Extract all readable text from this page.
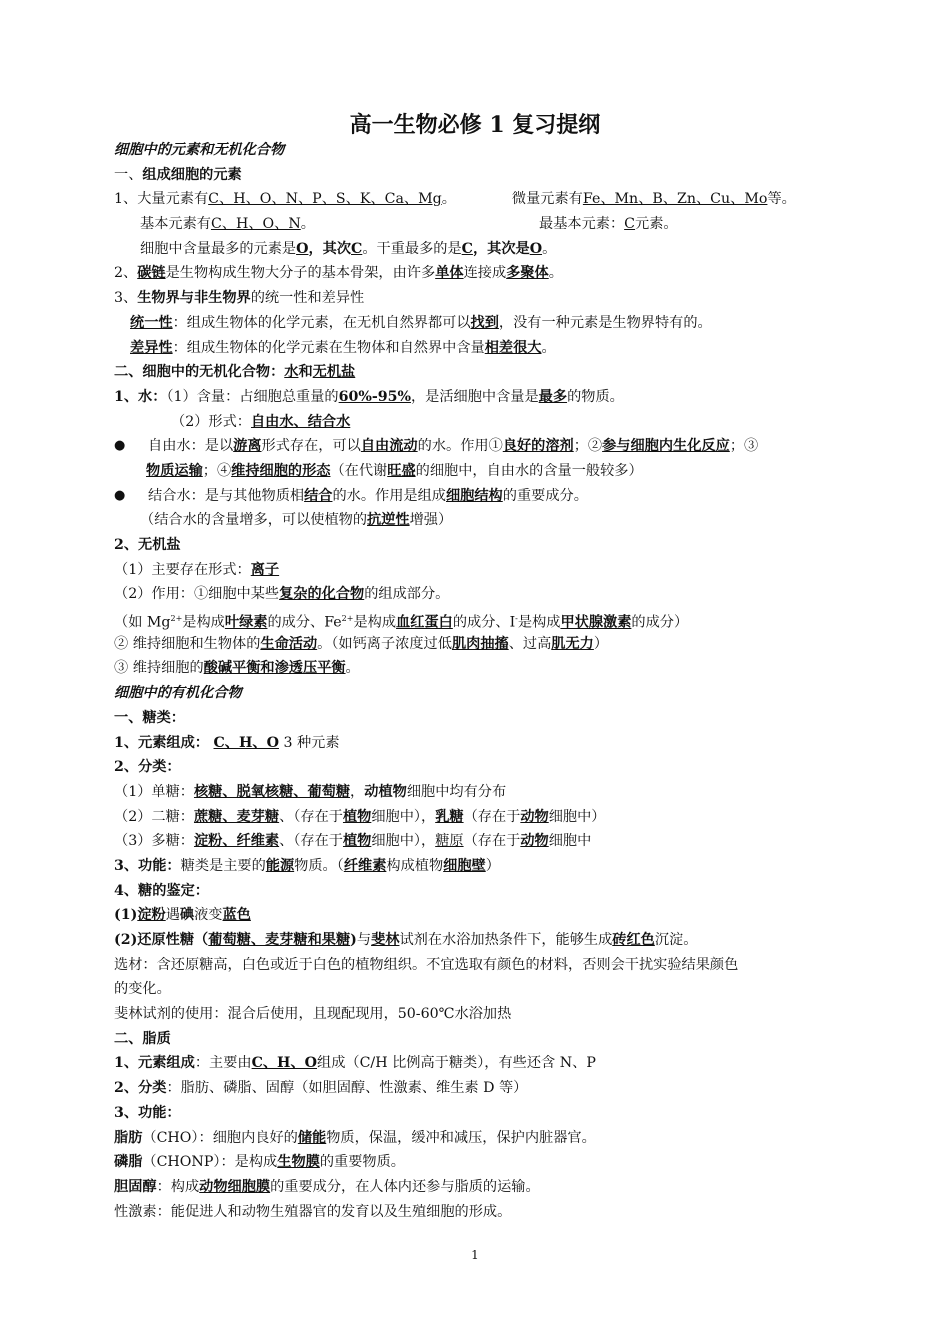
高一生物必修 1 复习提纲
细胞中的元素和无机化合物
一、组成细胞的元素
1、大量元素有C、H、O、N、P、S、K、Ca、Mg。	微量元素有Fe、Mn、B、Zn、Cu、Mo等。
基本元素有C、H、O、N。	最基本元素：C元素。
细胞中含量最多的元素是O，其次C。干重最多的是C，其次是O。
2、碳链是生物构成生物大分子的基本骨架，由许多单体连接成多聚体。
3、生物界与非生物界的统一性和差异性
统一性：组成生物体的化学元素，在无机自然界都可以找到，没有一种元素是生物界特有的。
差异性：组成生物体的化学元素在生物体和自然界中含量相差很大。
二、细胞中的无机化合物：水和无机盐
1、水：（1）含量：占细胞总重量的60%-95%，是活细胞中含量是最多的物质。
（2）形式：自由水、结合水
● 自由水：是以游离形式存在，可以自由流动的水。作用①良好的溶剂；②参与细胞内生化反应；③
物质运输；④维持细胞的形态（在代谢旺盛的细胞中，自由水的含量一般较多）
● 结合水：是与其他物质相结合的水。作用是组成细胞结构的重要成分。
（结合水的含量增多，可以使植物的抗逆性增强）
2、无机盐
（1）主要存在形式：离子
（2）作用：①细胞中某些复杂的化合物的组成部分。
（如 $Mg^{2+}$是构成叶绿素的成分、$Fe^{2+}$是构成血红蛋白的成分、I-是构成甲状腺激素的成分）
② 维持细胞和生物体的生命活动。（如钙离子浓度过低肌肉抽搐、过高肌无力）
③ 维持细胞的酸碱平衡和渗透压平衡。
细胞中的有机化合物
一、糖类：
1、元素组成： C、H、O 3 种元素
2、分类：
（1）单糖：核糖、脱氧核糖、葡萄糖，动植物细胞中均有分布
（2）二糖：蔗糖、麦芽糖、（存在于植物细胞中），乳糖（存在于动物细胞中）
（3）多糖：淀粉、纤维素、（存在于植物细胞中），糖原（存在于动物细胞中
3、功能：糖类是主要的能源物质。（纤维素构成植物细胞壁）
4、糖的鉴定：
(1)淀粉遇碘液变蓝色
(2)还原性糖（葡萄糖、麦芽糖和果糖)与斐林试剂在水浴加热条件下，能够生成砖红色沉淀。
选材：含还原糖高，白色或近于白色的植物组织。不宜选取有颜色的材料，否则会干扰实验结果颜色
的变化。
斐林试剂的使用：混合后使用，且现配现用，50-60℃水浴加热
二、脂质
1、元素组成：主要由C、H、O组成（C/H 比例高于糖类），有些还含 N、P
2、分类：脂肪、磷脂、固醇（如胆固醇、性激素、维生素 D 等）
3、功能：
脂肪（CHO）：细胞内良好的储能物质，保温，缓冲和减压，保护内脏器官。
磷脂（CHONP）：是构成生物膜的重要物质。
胆固醇：构成动物细胞膜的重要成分，在人体内还参与脂质的运输。
性激素：能促进人和动物生殖器官的发育以及生殖细胞的形成。
1
